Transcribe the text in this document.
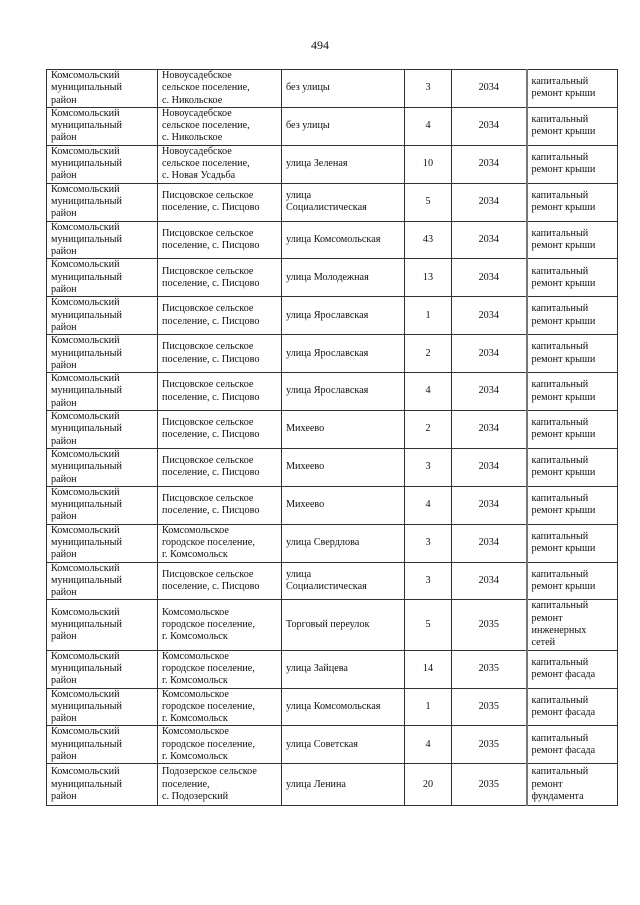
494
Комсомольский
муниципальный
район	Новоусадебское
сельское поселение,
с. Никольское	без улицы	3	2034	капитальный
ремонт крыши

Комсомольский
муниципальный
район	Новоусадебское
сельское поселение,
с. Никольское	без улицы	4	2034	капитальный
ремонт крыши

Комсомольский
муниципальный
район	Новоусадебское
сельское поселение,
с. Новая Усадьба	улица Зеленая	10	2034	капитальный
ремонт крыши

Комсомольский
муниципальный
район	Писцовское сельское
поселение, с. Писцово	улица
Социалистическая	5	2034	капитальный
ремонт крыши

Комсомольский
муниципальный
район	Писцовское сельское
поселение, с. Писцово	улица Комсомольская	43	2034	капитальный
ремонт крыши

Комсомольский
муниципальный
район	Писцовское сельское
поселение, с. Писцово	улица Молодежная	13	2034	капитальный
ремонт крыши

Комсомольский
муниципальный
район	Писцовское сельское
поселение, с. Писцово	улица Ярославская	1	2034	капитальный
ремонт крыши

Комсомольский
муниципальный
район	Писцовское сельское
поселение, с. Писцово	улица Ярославская	2	2034	капитальный
ремонт крыши

Комсомольский
муниципальный
район	Писцовское сельское
поселение, с. Писцово	улица Ярославская	4	2034	капитальный
ремонт крыши

Комсомольский
муниципальный
район	Писцовское сельское
поселение, с. Писцово	Михеево	2	2034	капитальный
ремонт крыши

Комсомольский
муниципальный
район	Писцовское сельское
поселение, с. Писцово	Михеево	3	2034	капитальный
ремонт крыши

Комсомольский
муниципальный
район	Писцовское сельское
поселение, с. Писцово	Михеево	4	2034	капитальный
ремонт крыши

Комсомольский
муниципальный
район	Комсомольское
городское поселение,
г. Комсомольск	улица Свердлова	3	2034	капитальный
ремонт крыши

Комсомольский
муниципальный
район	Писцовское сельское
поселение, с. Писцово	улица
Социалистическая	3	2034	капитальный
ремонт крыши

Комсомольский
муниципальный
район	Комсомольское
городское поселение,
г. Комсомольск	Торговый переулок	5	2035	капитальный
ремонт
инженерных
сетей

Комсомольский
муниципальный
район	Комсомольское
городское поселение,
г. Комсомольск	улица Зайцева	14	2035	капитальный
ремонт фасада

Комсомольский
муниципальный
район	Комсомольское
городское поселение,
г. Комсомольск	улица Комсомольская	1	2035	капитальный
ремонт фасада

Комсомольский
муниципальный
район	Комсомольское
городское поселение,
г. Комсомольск	улица Советская	4	2035	капитальный
ремонт фасада

Комсомольский
муниципальный
район	Подозерское сельское
поселение,
с. Подозерский	улица Ленина	20	2035	капитальный
ремонт
фундамента
